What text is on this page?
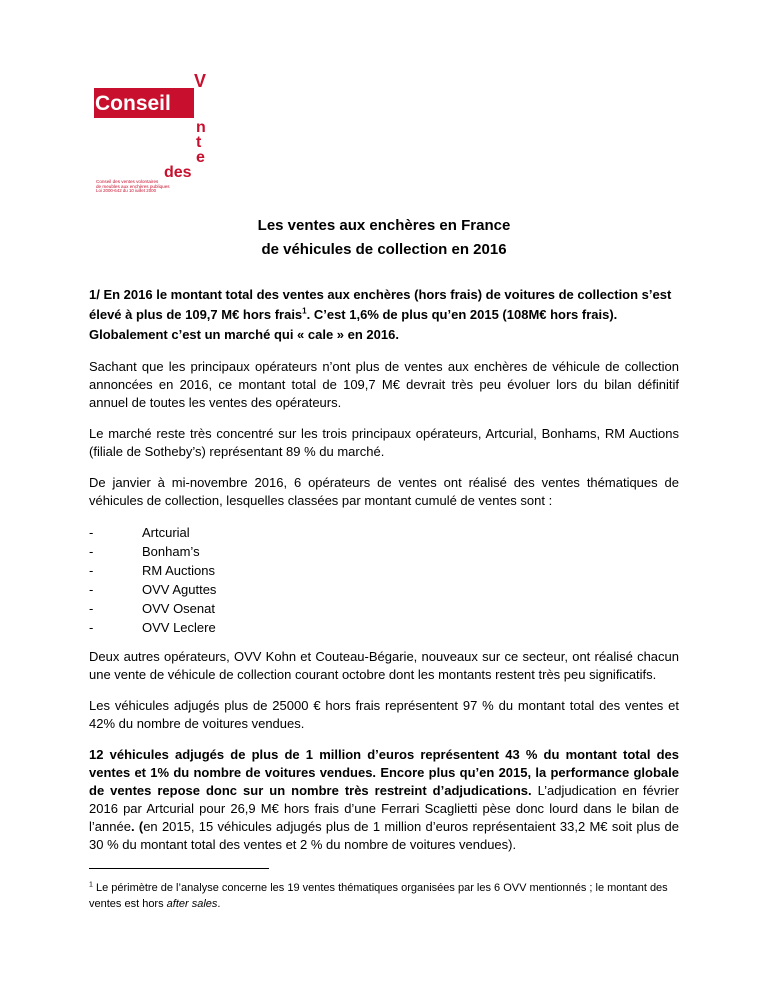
Conseil
V
n
t
e
des
Conseil des ventes volontaires
de meubles aux enchères publiques
Loi 2000-642 du 10 juillet 2000
Les ventes aux enchères en France
de véhicules de collection en 2016

1/ En 2016 le montant total des ventes aux enchères (hors frais) de voitures de collection s’est élevé à plus de 109,7 M€ hors frais$^1$. C’est 1,6% de plus qu’en 2015 (108M€ hors frais). Globalement c’est un marché qui « cale » en 2016.

Sachant que les principaux opérateurs n’ont plus de ventes aux enchères de véhicule de collection annoncées en 2016, ce montant total de 109,7 M€ devrait très peu évoluer lors du bilan définitif annuel de toutes les ventes des opérateurs.

Le marché reste très concentré sur les trois principaux opérateurs, Artcurial, Bonhams, RM Auctions (filiale de Sotheby’s) représentant 89 % du marché.

De janvier à mi-novembre 2016, 6 opérateurs de ventes ont réalisé des ventes thématiques de véhicules de collection, lesquelles classées par montant cumulé de ventes sont :

-	Artcurial
-	Bonham’s
-	RM Auctions
-	OVV Aguttes
-	OVV Osenat
-	OVV Leclere

Deux autres opérateurs, OVV Kohn et Couteau-Bégarie, nouveaux sur ce secteur, ont réalisé chacun une vente de véhicule de collection courant octobre dont les montants restent très peu significatifs.

Les véhicules adjugés plus de 25000 € hors frais représentent 97 % du montant total des ventes et 42% du nombre de voitures vendues.

12 véhicules adjugés de plus de 1 million d’euros représentent 43 % du montant total des ventes et 1% du nombre de voitures vendues. Encore plus qu’en 2015, la performance globale de ventes repose donc sur un nombre très restreint d’adjudications. L’adjudication en février 2016 par Artcurial pour 26,9 M€ hors frais d’une Ferrari Scaglietti pèse donc lourd dans le bilan de l’année. (en 2015, 15 véhicules adjugés plus de 1 million d’euros représentaient 33,2 M€ soit plus de 30 % du montant total des ventes et 2 % du nombre de voitures vendues).

$^1$ Le périmètre de l’analyse concerne les 19 ventes thématiques organisées par les 6 OVV mentionnés ; le montant des ventes est hors after sales.
